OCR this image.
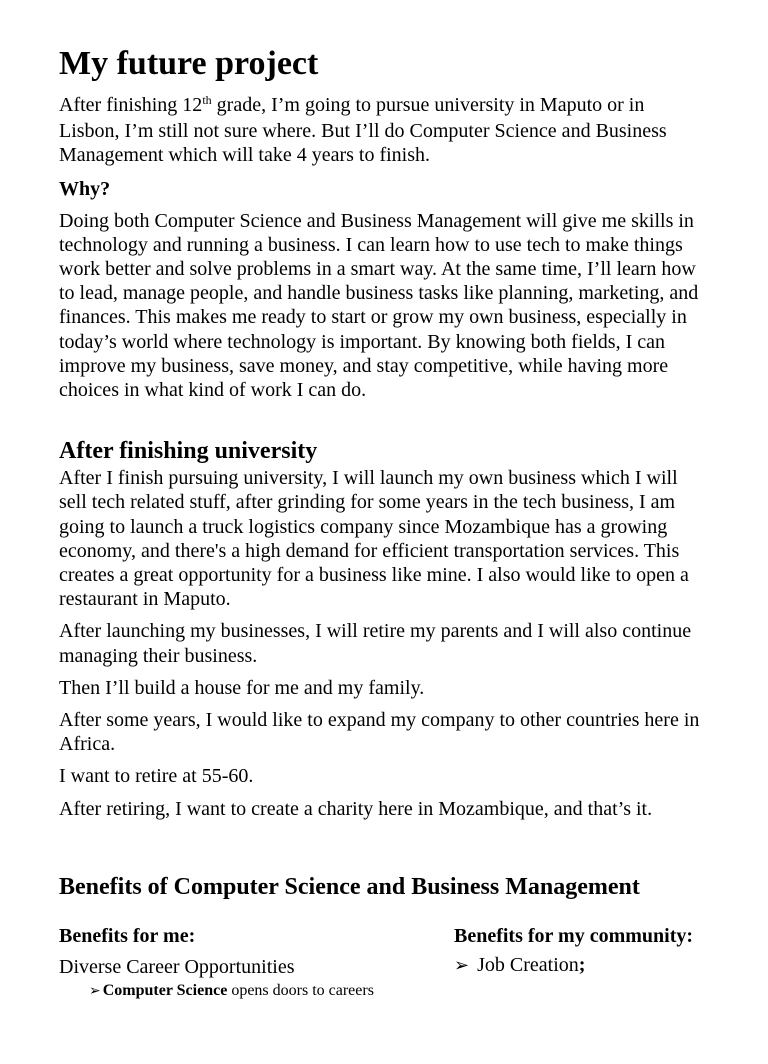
My future project

After finishing 12th grade, I’m going to pursue university in Maputo or in Lisbon, I’m still not sure where. But I’ll do Computer Science and Business Management which will take 4 years to finish.

Why?

Doing both Computer Science and Business Management will give me skills in technology and running a business. I can learn how to use tech to make things work better and solve problems in a smart way. At the same time, I’ll learn how to lead, manage people, and handle business tasks like planning, marketing, and finances. This makes me ready to start or grow my own business, especially in today’s world where technology is important. By knowing both fields, I can improve my business, save money, and stay competitive, while having more choices in what kind of work I can do.

After finishing university

After I finish pursuing university, I will launch my own business which I will sell tech related stuff, after grinding for some years in the tech business, I am going to launch a truck logistics company since Mozambique has a growing economy, and there's a high demand for efficient transportation services. This creates a great opportunity for a business like mine. I also would like to open a restaurant in Maputo.

After launching my businesses, I will retire my parents and I will also continue managing their business.

Then I’ll build a house for me and my family.

After some years, I would like to expand my company to other countries here in Africa.

I want to retire at 55-60.

After retiring, I want to create a charity here in Mozambique, and that’s it.

Benefits of Computer Science and Business Management

Benefits for me:

Diverse Career Opportunities

➢ Computer Science opens doors to careers

Benefits for my community:

➢ Job Creation ;
